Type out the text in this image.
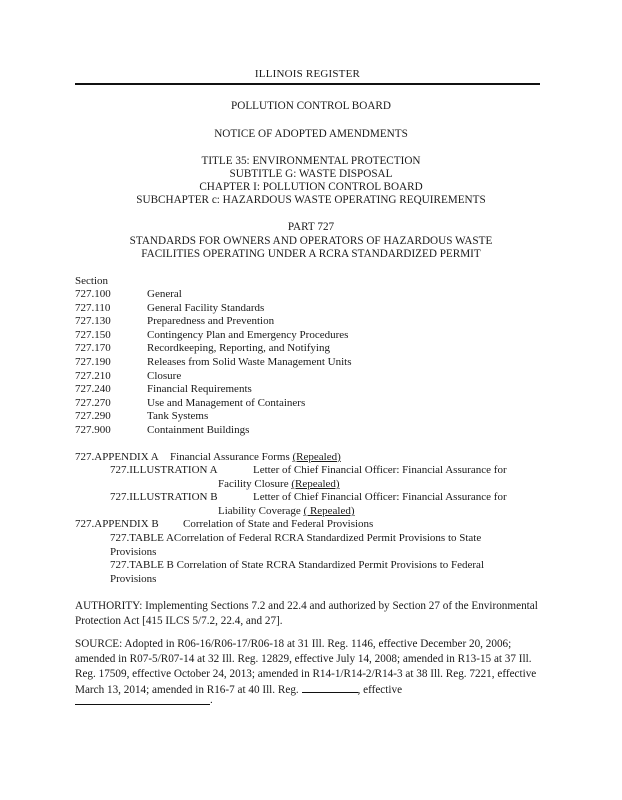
ILLINOIS REGISTER
POLLUTION CONTROL BOARD
NOTICE OF ADOPTED AMENDMENTS
TITLE 35: ENVIRONMENTAL PROTECTION
SUBTITLE G: WASTE DISPOSAL
CHAPTER I: POLLUTION CONTROL BOARD
SUBCHAPTER c: HAZARDOUS WASTE OPERATING REQUIREMENTS
PART 727
STANDARDS FOR OWNERS AND OPERATORS OF HAZARDOUS WASTE
FACILITIES OPERATING UNDER A RCRA STANDARDIZED PERMIT
Section
727.100	General
727.110	General Facility Standards
727.130	Preparedness and Prevention
727.150	Contingency Plan and Emergency Procedures
727.170	Recordkeeping, Reporting, and Notifying
727.190	Releases from Solid Waste Management Units
727.210	Closure
727.240	Financial Requirements
727.270	Use and Management of Containers
727.290	Tank Systems
727.900	Containment Buildings
727.APPENDIX A Financial Assurance Forms (Repealed)
727.ILLUSTRATION A	Letter of Chief Financial Officer: Financial Assurance for
Facility Closure (Repealed)
727.ILLUSTRATION B	Letter of Chief Financial Officer: Financial Assurance for
Liability Coverage ( Repealed)
727.APPENDIX B Correlation of State and Federal Provisions
727.TABLE ACorrelation of Federal RCRA Standardized Permit Provisions to State
Provisions
727.TABLE B Correlation of State RCRA Standardized Permit Provisions to Federal
Provisions
AUTHORITY: Implementing Sections 7.2 and 22.4 and authorized by Section 27 of the Environmental Protection Act [415 ILCS 5/7.2, 22.4, and 27].
SOURCE: Adopted in R06-16/R06-17/R06-18 at 31 Ill. Reg. 1146, effective December 20, 2006; amended in R07-5/R07-14 at 32 Ill. Reg. 12829, effective July 14, 2008; amended in R13-15 at 37 Ill. Reg. 17509, effective October 24, 2013; amended in R14-1/R14-2/R14-3 at 38 Ill. Reg. 7221, effective March 13, 2014; amended in R16-7 at 40 Ill. Reg.	, effective
.
